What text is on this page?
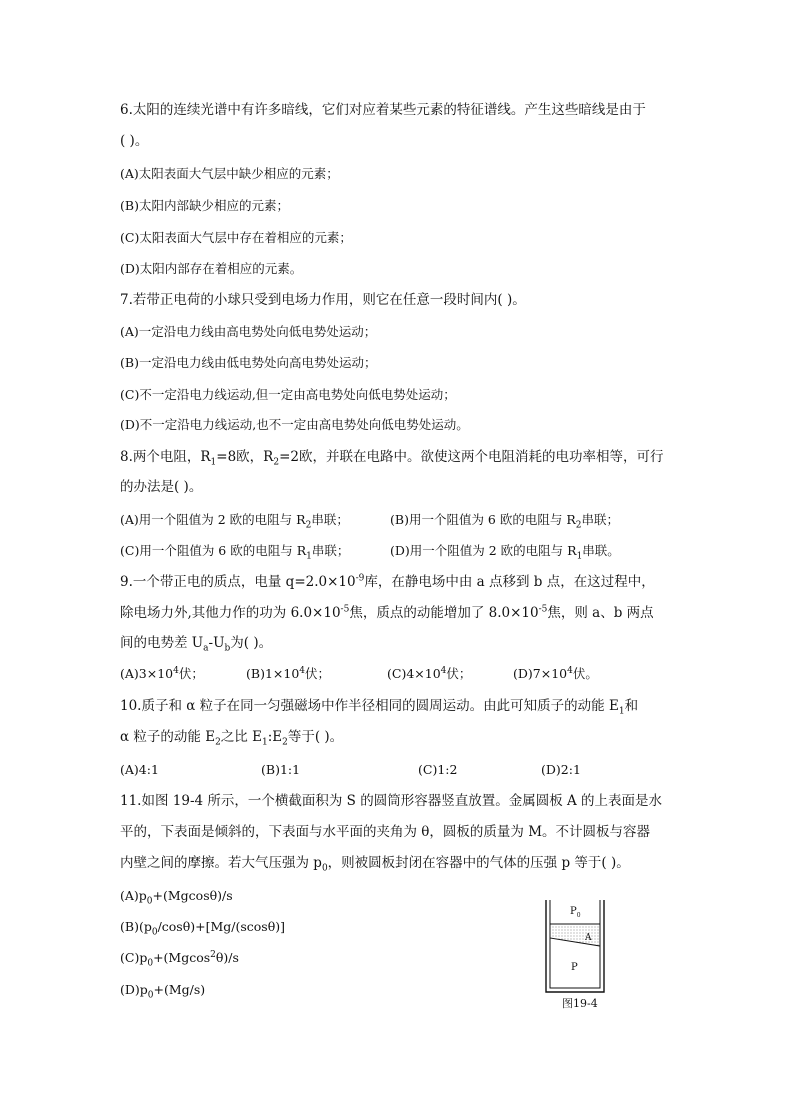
6.太阳的连续光谱中有许多暗线，它们对应着某些元素的特征谱线。产生这些暗线是由于
( )。
(A)太阳表面大气层中缺少相应的元素；
(B)太阳内部缺少相应的元素；
(C)太阳表面大气层中存在着相应的元素；
(D)太阳内部存在着相应的元素。
7.若带正电荷的小球只受到电场力作用，则它在任意一段时间内( )。
(A)一定沿电力线由高电势处向低电势处运动；
(B)一定沿电力线由低电势处向高电势处运动；
(C)不一定沿电力线运动,但一定由高电势处向低电势处运动；
(D)不一定沿电力线运动,也不一定由高电势处向低电势处运动。
8.两个电阻，$R_1=8$欧，$R_2=2$欧，并联在电路中。欲使这两个电阻消耗的电功率相等，可行
的办法是( )。
(A)用一个阻值为 2 欧的电阻与 $R_2$串联；	(B)用一个阻值为 6 欧的电阻与 $R_2$串联；
(C)用一个阻值为 6 欧的电阻与 $R_1$串联；	(D)用一个阻值为 2 欧的电阻与 $R_1$串联。
9.一个带正电的质点，电量 $q=2.0\times 10^{-9}$库，在静电场中由 a 点移到 b 点，在这过程中，
除电场力外,其他力作的功为 $6.0\times 10^{-5}$焦，质点的动能增加了 $8.0\times 10^{-5}$焦，则 a、b 两点
间的电势差 $U_a-U_b$为( )。
$(A)3\times 10^4$伏；	$(B)1\times 10^4$伏；	$(C)4\times 10^4$伏；	$(D)7\times 10^4$伏。
10.质子和 α 粒子在同一匀强磁场中作半径相同的圆周运动。由此可知质子的动能 $E_1$和
α 粒子的动能 $E_2$之比 $E_1:E_2$等于( )。
(A)4:1	(B)1:1	(C)1:2	(D)2:1
11.如图 19-4 所示，一个横截面积为 S 的圆筒形容器竖直放置。金属圆板 A 的上表面是水
平的，下表面是倾斜的，下表面与水平面的夹角为 θ，圆板的质量为 M。不计圆板与容器
内壁之间的摩擦。若大气压强为 $p_0$，则被圆板封闭在容器中的气体的压强 p 等于( )。
$(A)p_0+(Mgcos\theta)/s$
$(B)(p_0/\cos\theta)+[Mg/(scos\theta)]$
$(C)p_0+(Mgcos^2\theta)/s$
$(D)p_0+(Mg/s)$
$P_0$
A
P
图19-4
